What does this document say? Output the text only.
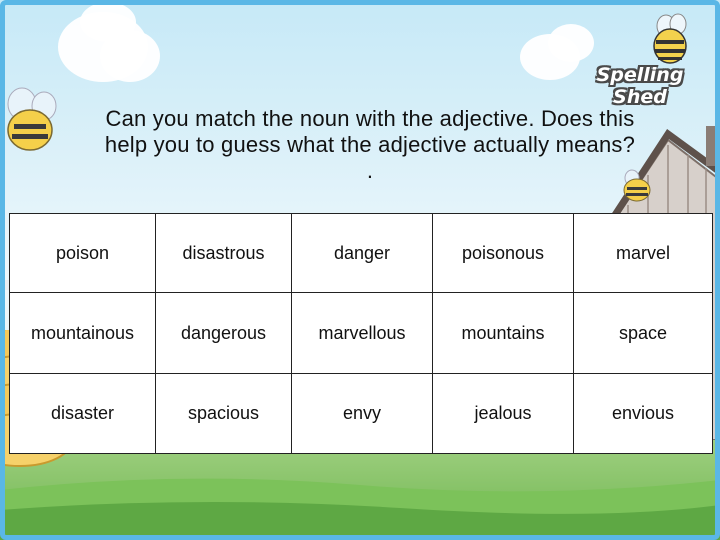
Spelling Shed
Can you match the noun with the adjective. Does this
help you to guess what the adjective actually means?
.
poison	disastrous	danger	poisonous	marvel
mountainous	dangerous	marvellous	mountains	space
disaster	spacious	envy	jealous	envious
